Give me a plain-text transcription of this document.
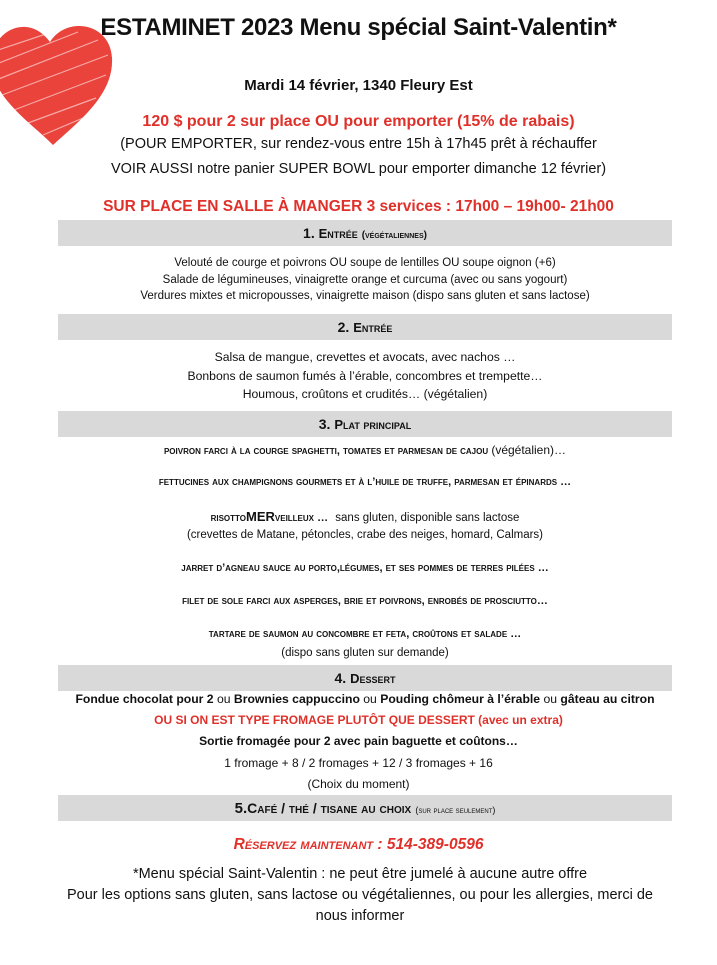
ESTAMINET 2023 Menu spécial Saint-Valentin*
Mardi 14 février, 1340 Fleury Est
120 $ pour 2 sur place OU pour emporter (15% de rabais)
(POUR EMPORTER, sur rendez-vous entre 15h à 17h45 prêt à réchauffer
VOIR AUSSI notre panier SUPER BOWL pour emporter dimanche 12 février)
SUR PLACE EN SALLE À MANGER 3 services : 17h00 – 19h00- 21h00
1. Entrée (végétaliennes)
Velouté de courge et poivrons OU soupe de lentilles OU soupe oignon (+6)
Salade de légumineuses, vinaigrette orange et curcuma (avec ou sans yogourt)
Verdures mixtes et micropousses, vinaigrette maison (dispo sans gluten et sans lactose)
2. Entrée
Salsa de mangue, crevettes et avocats, avec nachos …
Bonbons de saumon fumés à l’érable, concombres et trempette…
Houmous, croûtons et crudités… (végétalien)
3. Plat principal
poivron farci à la courge spaghetti, tomates et parmesan de cajou (végétalien)…
fettucines aux champignons gourmets et à l’huile de truffe, parmesan et épinards …
risottoMERveilleux … sans gluten, disponible sans lactose
(crevettes de Matane, pétoncles, crabe des neiges, homard, Calmars)
jarret d’agneau sauce au porto,légumes, et ses pommes de terres pilées …
filet de sole farci aux asperges, brie et poivrons, enrobés de prosciutto…
tartare de saumon au concombre et feta, croûtons et salade …
(dispo sans gluten sur demande)
4. Dessert
Fondue chocolat pour 2 ou Brownies cappuccino ou Pouding chômeur à l’érable ou gâteau au citron
OU SI ON EST TYPE FROMAGE PLUTÔT QUE DESSERT (avec un extra)
Sortie fromagée pour 2 avec pain baguette et coûtons…
1 fromage + 8 / 2 fromages + 12 / 3 fromages + 16
(Choix du moment)
5.Café / thé / tisane au choix (sur place seulement)
Réservez maintenant : 514-389-0596
*Menu spécial Saint-Valentin : ne peut être jumelé à aucune autre offre
Pour les options sans gluten, sans lactose ou végétaliennes, ou pour les allergies, merci de nous informer
